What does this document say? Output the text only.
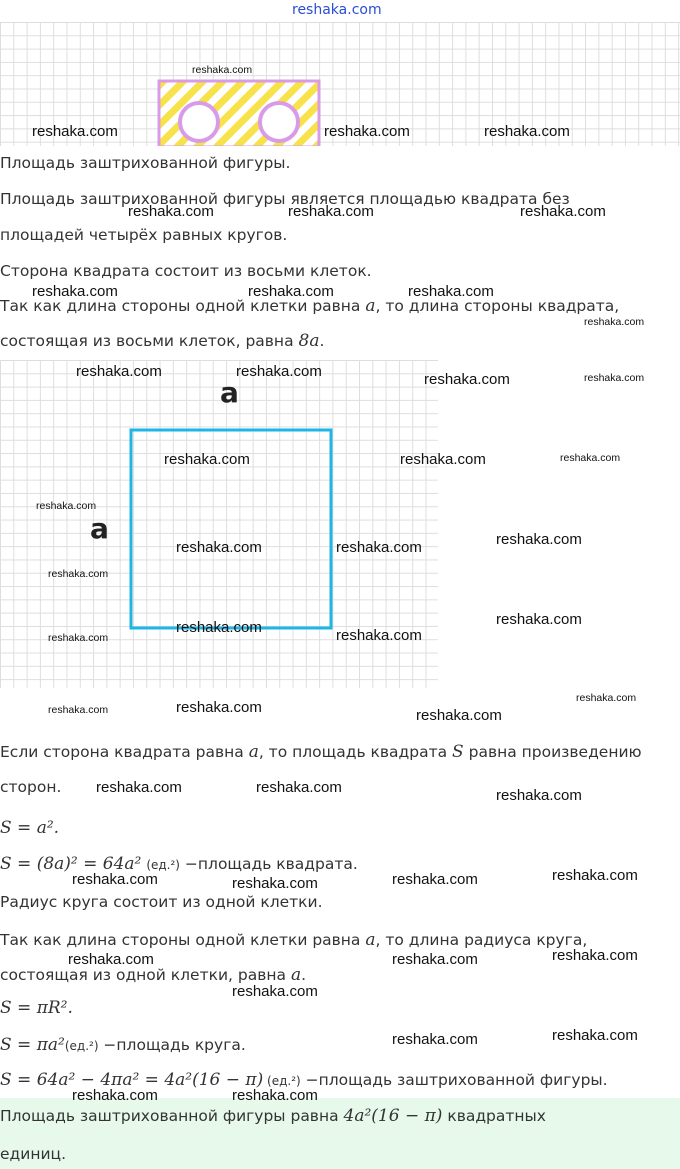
reshaka.com
Площадь заштрихованной фигуры.
Площадь заштрихованной фигуры является площадью квадрата без
площадей четырёх равных кругов.
Сторона квадрата состоит из восьми клеток.
Так как длина стороны одной клетки равна a, то длина стороны квадрата,
состоящая из восьми клеток, равна 8a.
a
a
Если сторона квадрата равна a, то площадь квадрата S равна произведению
сторон.
S = a².
S = (8a)² = 64a² (ед.²) −площадь квадрата.
Радиус круга состоит из одной клетки.
Так как длина стороны одной клетки равна a, то длина радиуса круга,
состоящая из одной клетки, равна a.
S = πR².
S = πa²(ед.²) −площадь круга.
S = 64a² − 4πa² = 4a²(16 − π) (ед.²) −площадь заштрихованной фигуры.
Площадь заштрихованной фигуры равна 4a²(16 − π) квадратных
единиц.
reshaka.com
reshaka.com	reshaka.com	reshaka.com
reshaka.com	reshaka.com	reshaka.com
reshaka.com	reshaka.com	reshaka.com
reshaka.com
reshaka.com	reshaka.com	reshaka.com	reshaka.com
reshaka.com	reshaka.com	reshaka.com
reshaka.com
reshaka.com	reshaka.com	reshaka.com
reshaka.com
reshaka.com	reshaka.com
reshaka.com
reshaka.com
reshaka.com	reshaka.com	reshaka.com
reshaka.com
reshaka.com	reshaka.com	reshaka.com
reshaka.com	reshaka.com	reshaka.com	reshaka.com
reshaka.com	reshaka.com	reshaka.com
reshaka.com
reshaka.com	reshaka.com
reshaka.com	reshaka.com
